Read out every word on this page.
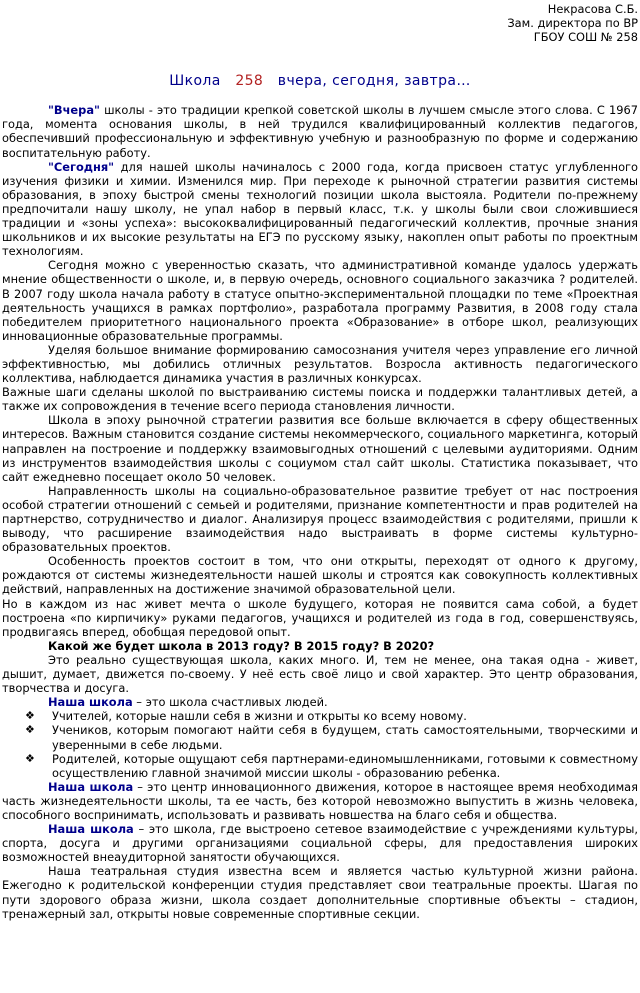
Некрасова С.Б.

Зам. директора по ВР

ГБОУ СОШ № 258

Школа 258 вчера, сегодня, завтра…

"Вчера" школы - это традиции крепкой советской школы в лучшем смысле этого слова. С 1967 года, момента основания школы, в ней трудился квалифицированный коллектив педагогов, обеспечивший профессиональную и эффективную учебную и разнообразную по форме и содержанию воспитательную работу.

"Сегодня" для нашей школы начиналось с 2000 года, когда присвоен статус углубленного изучения физики и химии. Изменился мир. При переходе к рыночной стратегии развития системы образования, в эпоху быстрой смены технологий позиции школа выстояла. Родители по-прежнему предпочитали нашу школу, не упал набор в первый класс, т.к. у школы были свои сложившиеся традиции и «зоны успеха»: высококвалифицированный педагогический коллектив, прочные знания школьников и их высокие результаты на ЕГЭ по русскому языку, накоплен опыт работы по проектным технологиям.

Сегодня можно с уверенностью сказать, что административной команде удалось удержать мнение общественности о школе, и, в первую очередь, основного социального заказчика ? родителей. В 2007 году школа начала работу в статусе опытно-экспериментальной площадки по теме «Проектная деятельность учащихся в рамках портфолио», разработала программу Развития, в 2008 году стала победителем приоритетного национального проекта «Образование» в отборе школ, реализующих инновационные образовательные программы.

Уделяя большое внимание формированию самосознания учителя через управление его личной эффективностью, мы добились отличных результатов. Возросла активность педагогического коллектива, наблюдается динамика участия в различных конкурсах.

Важные шаги сделаны школой по выстраиванию системы поиска и поддержки талантливых детей, а также их сопровождения в течение всего периода становления личности.

Школа в эпоху рыночной стратегии развития все больше включается в сферу общественных интересов. Важным становится создание системы некоммерческого, социального маркетинга, который направлен на построение и поддержку взаимовыгодных отношений с целевыми аудиториями. Одним из инструментов взаимодействия школы с социумом стал сайт школы. Статистика показывает, что сайт ежедневно посещает около 50 человек.

Направленность школы на социально-образовательное развитие требует от нас построения особой стратегии отношений с семьей и родителями, признание компетентности и прав родителей на партнерство, сотрудничество и диалог. Анализируя процесс взаимодействия с родителями, пришли к выводу, что расширение взаимодействия надо выстраивать в форме системы культурно-образовательных проектов.

Особенность проектов состоит в том, что они открыты, переходят от одного к другому, рождаются от системы жизнедеятельности нашей школы и строятся как совокупность коллективных действий, направленных на достижение значимой образовательной цели.

Но в каждом из нас живет мечта о школе будущего, которая не появится сама собой, а будет построена «по кирпичику» руками педагогов, учащихся и родителей из года в год, совершенствуясь, продвигаясь вперед, обобщая передовой опыт.

Какой же будет школа в 2013 году? В 2015 году? В 2020?

Это реально существующая школа, каких много. И, тем не менее, она такая одна - живет, дышит, думает, движется по-своему. У неё есть своё лицо и свой характер. Это центр образования, творчества и досуга.

Наша школа – это школа счастливых людей.

❖ Учителей, которые нашли себя в жизни и открыты ко всему новому.
❖ Учеников, которым помогают найти себя в будущем, стать самостоятельными, творческими и уверенными в себе людьми.
❖ Родителей, которые ощущают себя партнерами-единомышленниками, готовыми к совместному осуществлению главной значимой миссии школы - образованию ребенка.

Наша школа – это центр инновационного движения, которое в настоящее время необходимая часть жизнедеятельности школы, та ее часть, без которой невозможно выпустить в жизнь человека, способного воспринимать, использовать и развивать новшества на благо себя и общества.

Наша школа – это школа, где выстроено сетевое взаимодействие с учреждениями культуры, спорта, досуга и другими организациями социальной сферы, для предоставления широких возможностей внеаудиторной занятости обучающихся.

Наша театральная студия известна всем и является частью культурной жизни района. Ежегодно к родительской конференции студия представляет свои театральные проекты. Шагая по пути здорового образа жизни, школа создает дополнительные спортивные объекты – стадион, тренажерный зал, открыты новые современные спортивные секции.
